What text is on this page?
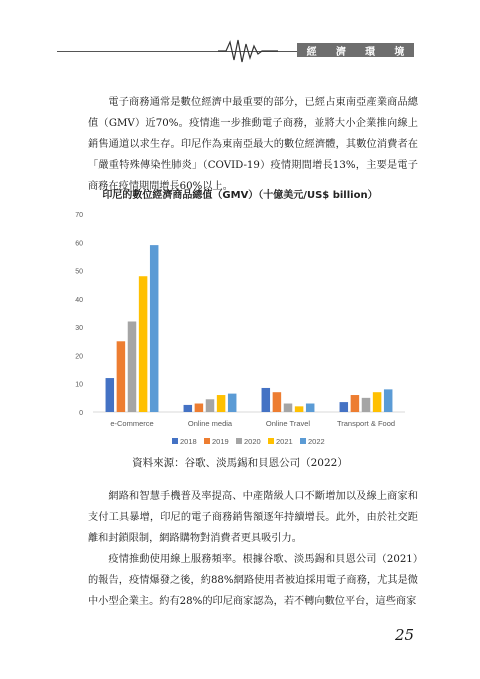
經 濟 環 境

電子商務通常是數位經濟中最重要的部分，已經占東南亞產業商品總值（GMV）近70%。疫情進一步推動電子商務，並將大小企業推向線上銷售通道以求生存。印尼作為東南亞最大的數位經濟體，其數位消費者在「嚴重特殊傳染性肺炎」（COVID-19）疫情期間增長13%，主要是電子商務在疫情期間增長60%以上。

印尼的數位經濟商品總值（GMV）（十億美元/US$ billion）
0
10
20
30
40
50
60
70
e-Commerce	Online media	Online Travel	Transport & Food
2018 2019 2020 2021 2022
資料來源：谷歌、淡馬錫和貝恩公司（2022）

網路和智慧手機普及率提高、中產階級人口不斷增加以及線上商家和支付工具暴增，印尼的電子商務銷售額逐年持續增長。此外，由於社交距離和封鎖限制，網路購物對消費者更具吸引力。

疫情推動使用線上服務頻率。根據谷歌、淡馬錫和貝恩公司（2021）的報告，疫情爆發之後，約88%網路使用者被迫採用電子商務，尤其是微中小型企業主。約有28%的印尼商家認為，若不轉向數位平台，這些商家

25
